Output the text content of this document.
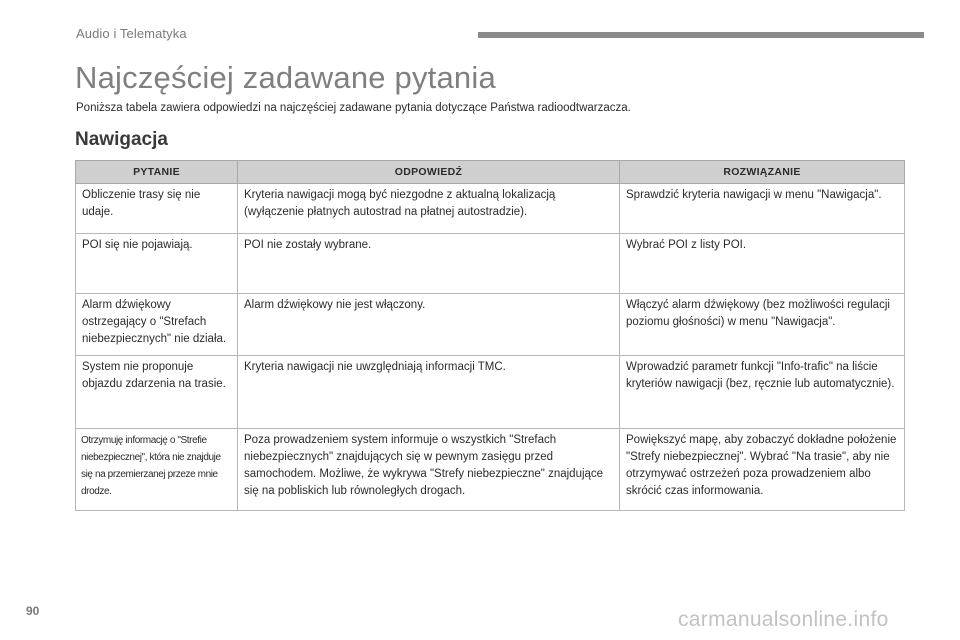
Audio i Telematyka
Najczęściej zadawane pytania
Poniższa tabela zawiera odpowiedzi na najczęściej zadawane pytania dotyczące Państwa radioodtwarzacza.
Nawigacja
PYTANIE	ODPOWIEDŹ	ROZWIĄZANIE
Obliczenie trasy się nie udaje.	Kryteria nawigacji mogą być niezgodne z aktualną lokalizacją (wyłączenie płatnych autostrad na płatnej autostradzie).	Sprawdzić kryteria nawigacji w menu "Nawigacja".
POI się nie pojawiają.	POI nie zostały wybrane.	Wybrać POI z listy POI.
Alarm dźwiękowy ostrzegający o "Strefach niebezpiecznych" nie działa.	Alarm dźwiękowy nie jest włączony.	Włączyć alarm dźwiękowy (bez możliwości regulacji poziomu głośności) w menu "Nawigacja".
System nie proponuje objazdu zdarzenia na trasie.	Kryteria nawigacji nie uwzględniają informacji TMC.	Wprowadzić parametr funkcji "Info-trafic" na liście kryteriów nawigacji (bez, ręcznie lub automatycznie).
Otrzymuję informację o "Strefie niebezpiecznej", która nie znajduje się na przemierzanej przeze mnie drodze.	Poza prowadzeniem system informuje o wszystkich "Strefach niebezpiecznych" znajdujących się w pewnym zasięgu przed samochodem. Możliwe, że wykrywa "Strefy niebezpieczne" znajdujące się na pobliskich lub równoległych drogach.	Powiększyć mapę, aby zobaczyć dokładne położenie "Strefy niebezpiecznej". Wybrać "Na trasie", aby nie otrzymywać ostrzeżeń poza prowadzeniem albo skrócić czas informowania.
90	carmanualsonline.info
